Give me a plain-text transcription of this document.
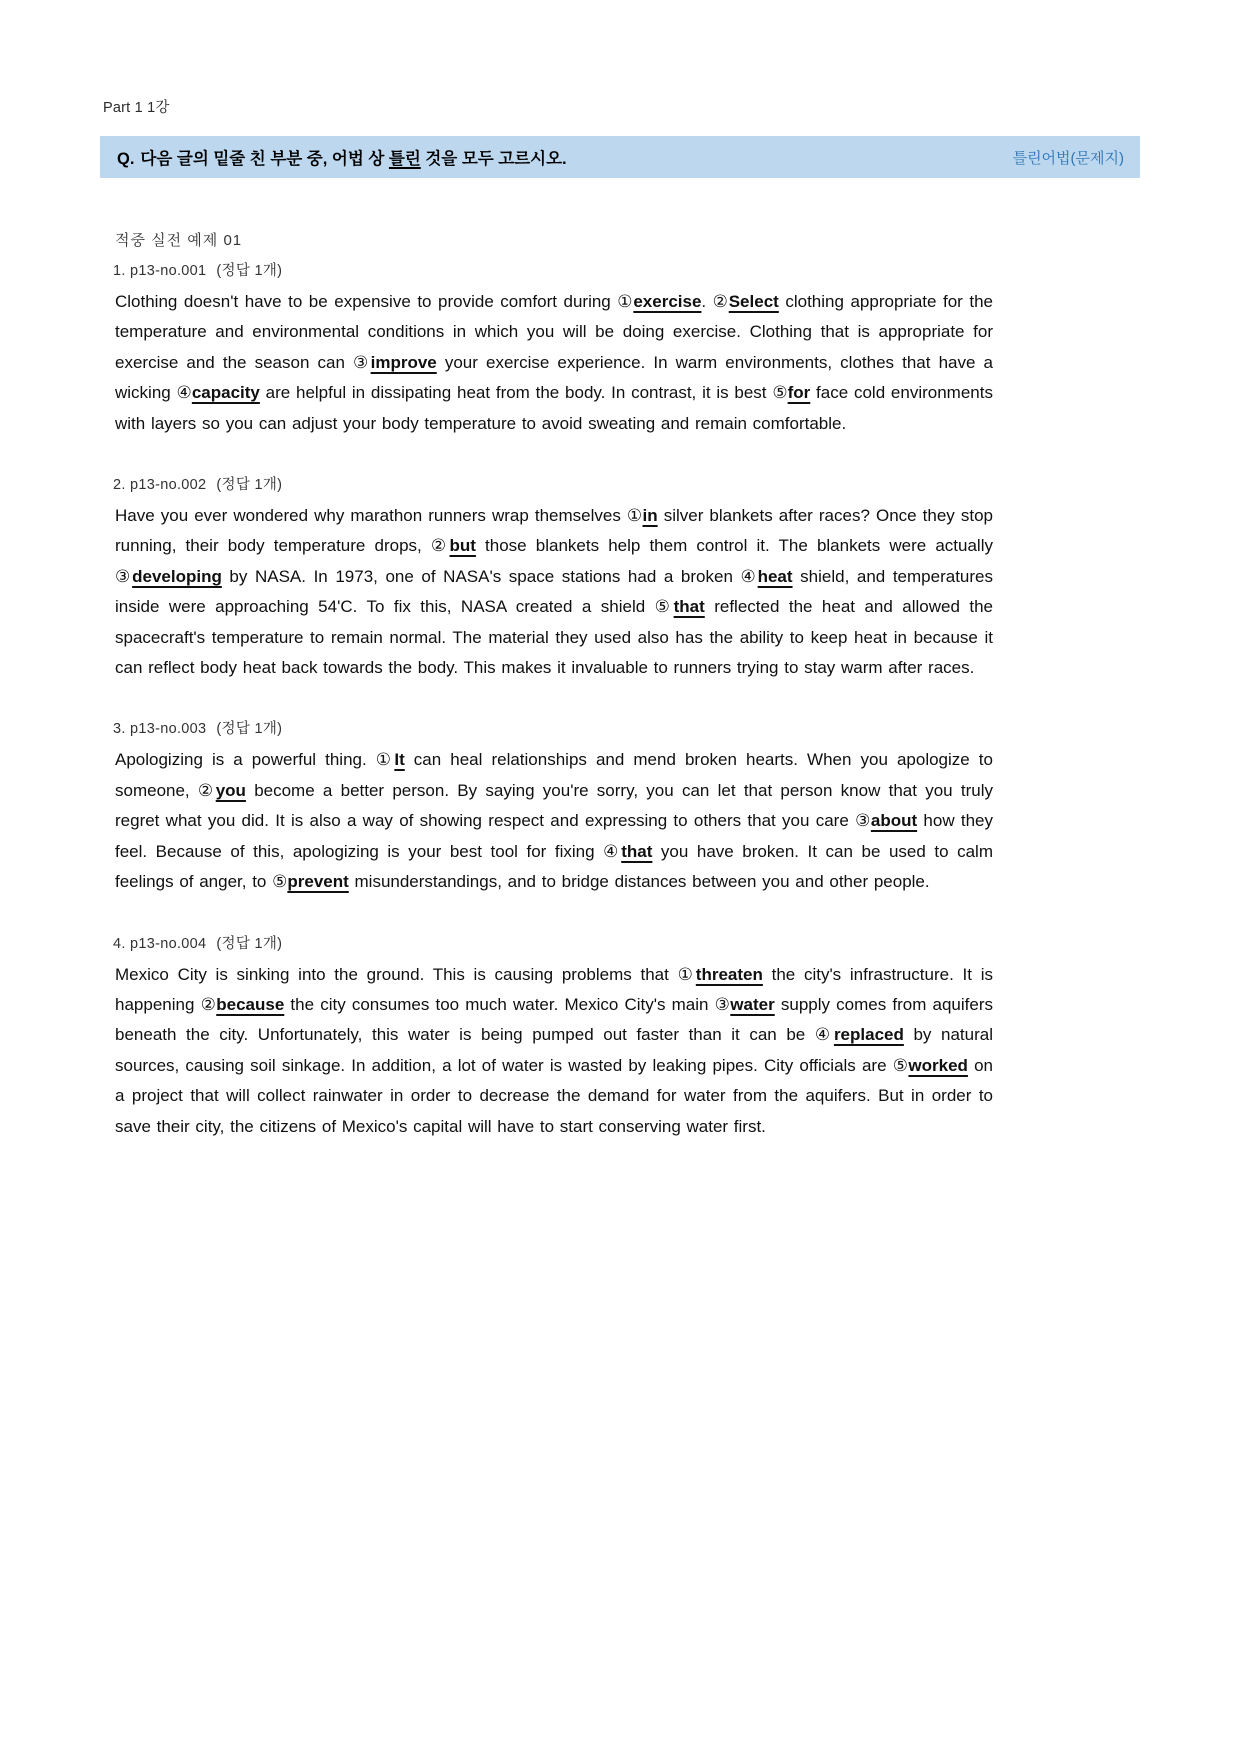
Part 1 1강
Q. 다음 글의 밑줄 친 부분 중, 어법 상 틀린 것을 모두 고르시오.	틀린어법(문제지)
적중 실전 예제 01
1. p13-no.001 (정답 1개)

Clothing doesn't have to be expensive to provide comfort during ①exercise. ②Select clothing appropriate for the temperature and environmental conditions in which you will be doing exercise. Clothing that is appropriate for exercise and the season can ③improve your exercise experience. In warm environments, clothes that have a wicking ④capacity are helpful in dissipating heat from the body. In contrast, it is best ⑤for face cold environments with layers so you can adjust your body temperature to avoid sweating and remain comfortable.

2. p13-no.002 (정답 1개)

Have you ever wondered why marathon runners wrap themselves ①in silver blankets after races? Once they stop running, their body temperature drops, ②but those blankets help them control it. The blankets were actually ③developing by NASA. In 1973, one of NASA's space stations had a broken ④heat shield, and temperatures inside were approaching 54'C. To fix this, NASA created a shield ⑤that reflected the heat and allowed the spacecraft's temperature to remain normal. The material they used also has the ability to keep heat in because it can reflect body heat back towards the body. This makes it invaluable to runners trying to stay warm after races.

3. p13-no.003 (정답 1개)

Apologizing is a powerful thing. ①It can heal relationships and mend broken hearts. When you apologize to someone, ②you become a better person. By saying you're sorry, you can let that person know that you truly regret what you did. It is also a way of showing respect and expressing to others that you care ③about how they feel. Because of this, apologizing is your best tool for fixing ④that you have broken. It can be used to calm feelings of anger, to ⑤prevent misunderstandings, and to bridge distances between you and other people.

4. p13-no.004 (정답 1개)

Mexico City is sinking into the ground. This is causing problems that ①threaten the city's infrastructure. It is happening ②because the city consumes too much water. Mexico City's main ③water supply comes from aquifers beneath the city. Unfortunately, this water is being pumped out faster than it can be ④replaced by natural sources, causing soil sinkage. In addition, a lot of water is wasted by leaking pipes. City officials are ⑤worked on a project that will collect rainwater in order to decrease the demand for water from the aquifers. But in order to save their city, the citizens of Mexico's capital will have to start conserving water first.
